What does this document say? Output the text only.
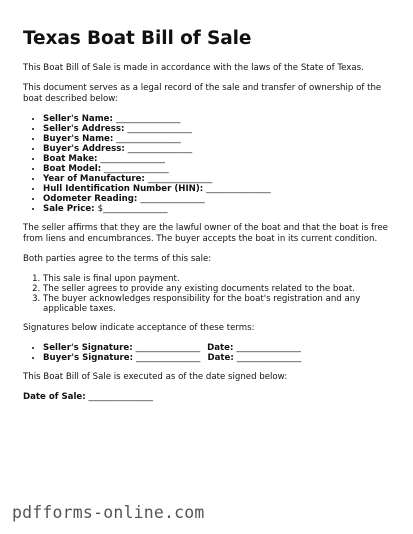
Texas Boat Bill of Sale

This Boat Bill of Sale is made in accordance with the laws of the State of Texas.

This document serves as a legal record of the sale and transfer of ownership of the boat described below:

• Seller's Name: _______________
• Seller's Address: _______________
• Buyer's Name: _______________
• Buyer's Address: _______________
• Boat Make: _______________
• Boat Model: _______________
• Year of Manufacture: _______________
• Hull Identification Number (HIN): _______________
• Odometer Reading: _______________
• Sale Price: $_______________

The seller affirms that they are the lawful owner of the boat and that the boat is free from liens and encumbrances. The buyer accepts the boat in its current condition.

Both parties agree to the terms of this sale:

1. This sale is final upon payment.
2. The seller agrees to provide any existing documents related to the boat.
3. The buyer acknowledges responsibility for the boat's registration and any applicable taxes.

Signatures below indicate acceptance of these terms:

• Seller's Signature: _______________ Date: _______________
• Buyer's Signature: _______________ Date: _______________

This Boat Bill of Sale is executed as of the date signed below:

Date of Sale: _______________
pdfforms-online.com
